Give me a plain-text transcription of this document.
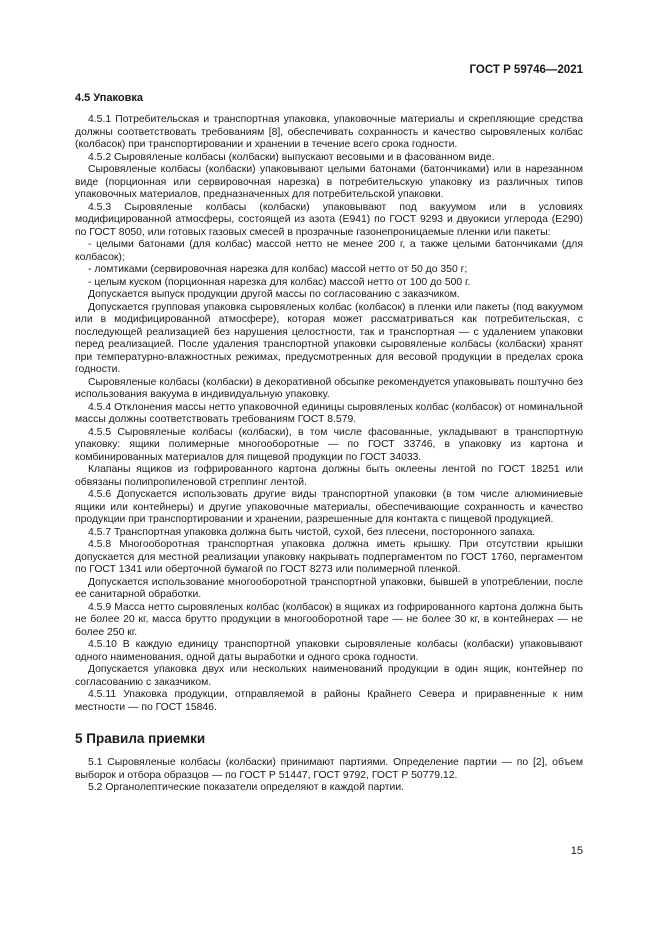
ГОСТ Р 59746—2021
4.5 Упаковка

4.5.1 Потребительская и транспортная упаковка, упаковочные материалы и скрепляющие средства должны соответствовать требованиям [8], обеспечивать сохранность и качество сыровяленых колбас (колбасок) при транспортировании и хранении в течение всего срока годности.

4.5.2 Сыровяленые колбасы (колбаски) выпускают весовыми и в фасованном виде.

Сыровяленые колбасы (колбаски) упаковывают целыми батонами (батончиками) или в нарезанном виде (порционная или сервировочная нарезка) в потребительскую упаковку из различных типов упаковочных материалов, предназначенных для потребительской упаковки.

4.5.3 Сыровяленые колбасы (колбаски) упаковывают под вакуумом или в условиях модифицированной атмосферы, состоящей из азота (Е941) по ГОСТ 9293 и двуокиси углерода (Е290) по ГОСТ 8050, или готовых газовых смесей в прозрачные газонепроницаемые пленки или пакеты:

- целыми батонами (для колбас) массой нетто не менее 200 г, а также целыми батончиками (для колбасок);

- ломтиками (сервировочная нарезка для колбас) массой нетто от 50 до 350 г;

- целым куском (порционная нарезка для колбас) массой нетто от 100 до 500 г.

Допускается выпуск продукции другой массы по согласованию с заказчиком.

Допускается групповая упаковка сыровяленых колбас (колбасок) в пленки или пакеты (под вакуумом или в модифицированной атмосфере), которая может рассматриваться как потребительская, с последующей реализацией без нарушения целостности, так и транспортная — с удалением упаковки перед реализацией. После удаления транспортной упаковки сыровяленые колбасы (колбаски) хранят при температурно-влажностных режимах, предусмотренных для весовой продукции в пределах срока годности.

Сыровяленые колбасы (колбаски) в декоративной обсыпке рекомендуется упаковывать поштучно без использования вакуума в индивидуальную упаковку.

4.5.4 Отклонения массы нетто упаковочной единицы сыровяленых колбас (колбасок) от номинальной массы должны соответствовать требованиям ГОСТ 8.579.

4.5.5 Сыровяленые колбасы (колбаски), в том числе фасованные, укладывают в транспортную упаковку: ящики полимерные многооборотные — по ГОСТ 33746, в упаковку из картона и комбинированных материалов для пищевой продукции по ГОСТ 34033.

Клапаны ящиков из гофрированного картона должны быть оклеены лентой по ГОСТ 18251 или обвязаны полипропиленовой стреппинг лентой.

4.5.6 Допускается использовать другие виды транспортной упаковки (в том числе алюминиевые ящики или контейнеры) и другие упаковочные материалы, обеспечивающие сохранность и качество продукции при транспортировании и хранении, разрешенные для контакта с пищевой продукцией.

4.5.7 Транспортная упаковка должна быть чистой, сухой, без плесени, посторонного запаха.

4.5.8 Многооборотная транспортная упаковка должна иметь крышку. При отсутствии крышки допускается для местной реализации упаковку накрывать подпергаментом по ГОСТ 1760, пергаментом по ГОСТ 1341 или оберточной бумагой по ГОСТ 8273 или полимерной пленкой.

Допускается использование многооборотной транспортной упаковки, бывшей в употреблении, после ее санитарной обработки.

4.5.9 Масса нетто сыровяленых колбас (колбасок) в ящиках из гофрированного картона должна быть не более 20 кг, масса брутто продукции в многооборотной таре — не более 30 кг, в контейнерах — не более 250 кг.

4.5.10 В каждую единицу транспортной упаковки сыровяленые колбасы (колбаски) упаковывают одного наименования, одной даты выработки и одного срока годности.

Допускается упаковка двух или нескольких наименований продукции в один ящик, контейнер по согласованию с заказчиком.

4.5.11 Упаковка продукции, отправляемой в районы Крайнего Севера и приравненные к ним местности — по ГОСТ 15846.

5 Правила приемки

5.1 Сыровяленые колбасы (колбаски) принимают партиями. Определение партии — по [2], объем выборок и отбора образцов — по ГОСТ Р 51447, ГОСТ 9792, ГОСТ Р 50779.12.

5.2 Органолептические показатели определяют в каждой партии.

15
